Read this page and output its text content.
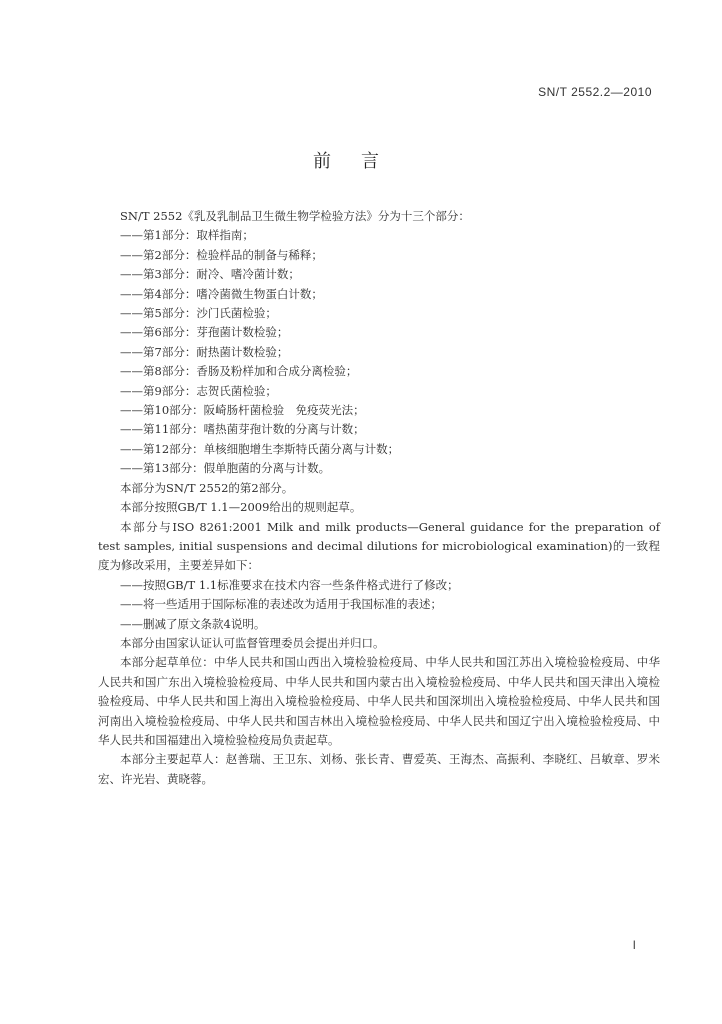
SN/T 2552.2—2010
前言
SN/T 2552《乳及乳制品卫生微生物学检验方法》分为十三个部分：
——第1部分：取样指南；
——第2部分：检验样品的制备与稀释；
——第3部分：耐冷、嗜冷菌计数；
——第4部分：嗜冷菌微生物蛋白计数；
——第5部分：沙门氏菌检验；
——第6部分：芽孢菌计数检验；
——第7部分：耐热菌计数检验；
——第8部分：香肠及粉样加和合成分离检验；
——第9部分：志贺氏菌检验；
——第10部分：阪崎肠杆菌检验　免疫荧光法；
——第11部分：嗜热菌芽孢计数的分离与计数；
——第12部分：单核细胞增生李斯特氏菌分离与计数；
——第13部分：假单胞菌的分离与计数。
本部分为SN/T 2552的第2部分。
本部分按照GB/T 1.1—2009给出的规则起草。
本部分与ISO 8261:2001 Milk and milk products—General guidance for the preparation of test samples, initial suspensions and decimal dilutions for microbiological examination)的一致程度为修改采用，主要差异如下：
——按照GB/T 1.1标准要求在技术内容一些条件格式进行了修改；
——将一些适用于国际标准的表述改为适用于我国标准的表述；
——删减了原文条款4说明。
本部分由国家认证认可监督管理委员会提出并归口。
本部分起草单位：中华人民共和国山西出入境检验检疫局、中华人民共和国江苏出入境检验检疫局、中华人民共和国广东出入境检验检疫局、中华人民共和国内蒙古出入境检验检疫局、中华人民共和国天津出入境检验检疫局、中华人民共和国上海出入境检验检疫局、中华人民共和国深圳出入境检验检疫局、中华人民共和国河南出入境检验检疫局、中华人民共和国吉林出入境检验检疫局、中华人民共和国辽宁出入境检验检疫局、中华人民共和国福建出入境检验检疫局负责起草。
本部分主要起草人：赵善瑞、王卫东、刘杨、张长青、曹爱英、王海杰、高振利、李晓红、吕敏章、罗米宏、许光岩、黄晓蓉。
I
